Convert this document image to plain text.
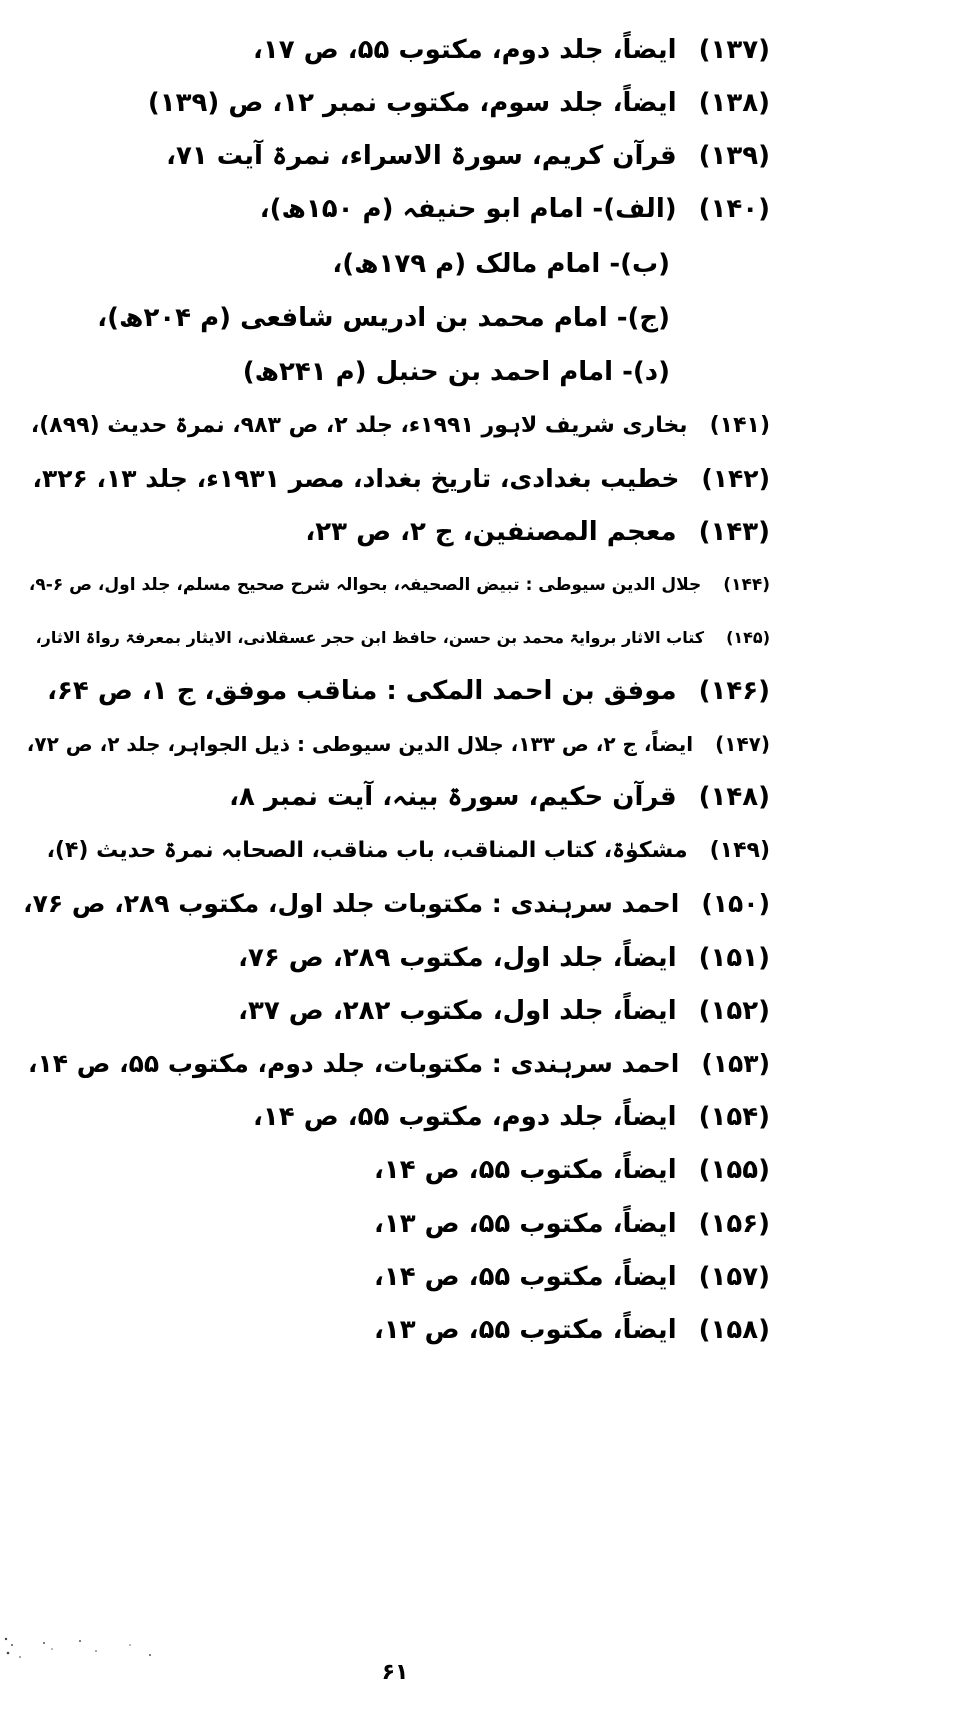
(۱۳۷)ایضاً، جلد دوم، مکتوب ۵۵، ص ۱۷،
(۱۳۸)ایضاً، جلد سوم، مکتوب نمبر ۱۲، ص (۱۳۹)
(۱۳۹)قرآن کریم، سورۃ الاسراء، نمرۃ آیت ۷۱،
(۱۴۰)(الف)- امام ابو حنیفہ (م ۱۵۰ھ)،
(ب)- امام مالک (م ۱۷۹ھ)،
(ج)- امام محمد بن ادریس شافعی (م ۲۰۴ھ)،
(د)- امام احمد بن حنبل (م ۲۴۱ھ)
(۱۴۱)بخاری شریف لاہور ۱۹۹۱ء، جلد ۲، ص ۹۸۳، نمرۃ حدیث (۸۹۹)،
(۱۴۲)خطیب بغدادی، تاریخ بغداد، مصر ۱۹۳۱ء، جلد ۱۳، ۳۲۶،
(۱۴۳)معجم المصنفین، ج ۲، ص ۲۳،
(۱۴۴)جلال الدین سیوطی : تبیض الصحیفہ، بحوالہ شرح صحیح مسلم، جلد اول، ص ۶-۹،
(۱۴۵)کتاب الاثار بروایۃ محمد بن حسن، حافظ ابن حجر عسقلانی، الایثار بمعرفۃ رواۃ الاثار،
(۱۴۶)موفق بن احمد المکی : مناقب موفق، ج ۱، ص ۶۴،
(۱۴۷)ایضاً، ج ۲، ص ۱۳۳، جلال الدین سیوطی : ذیل الجواہر، جلد ۲، ص ۷۲،
(۱۴۸)قرآن حکیم، سورۃ بینہ، آیت نمبر ۸،
(۱۴۹)مشکوٰۃ، کتاب المناقب، باب مناقب، الصحابہ نمرۃ حدیث (۴)،
(۱۵۰)احمد سرہندی : مکتوبات جلد اول، مکتوب ۲۸۹، ص ۷۶،
(۱۵۱)ایضاً، جلد اول، مکتوب ۲۸۹، ص ۷۶،
(۱۵۲)ایضاً، جلد اول، مکتوب ۲۸۲، ص ۳۷،
(۱۵۳)احمد سرہندی : مکتوبات، جلد دوم، مکتوب ۵۵، ص ۱۴،
(۱۵۴)ایضاً، جلد دوم، مکتوب ۵۵، ص ۱۴،
(۱۵۵)ایضاً، مکتوب ۵۵، ص ۱۴،
(۱۵۶)ایضاً، مکتوب ۵۵، ص ۱۳،
(۱۵۷)ایضاً، مکتوب ۵۵، ص ۱۴،
(۱۵۸)ایضاً، مکتوب ۵۵، ص ۱۳،
۶۱
